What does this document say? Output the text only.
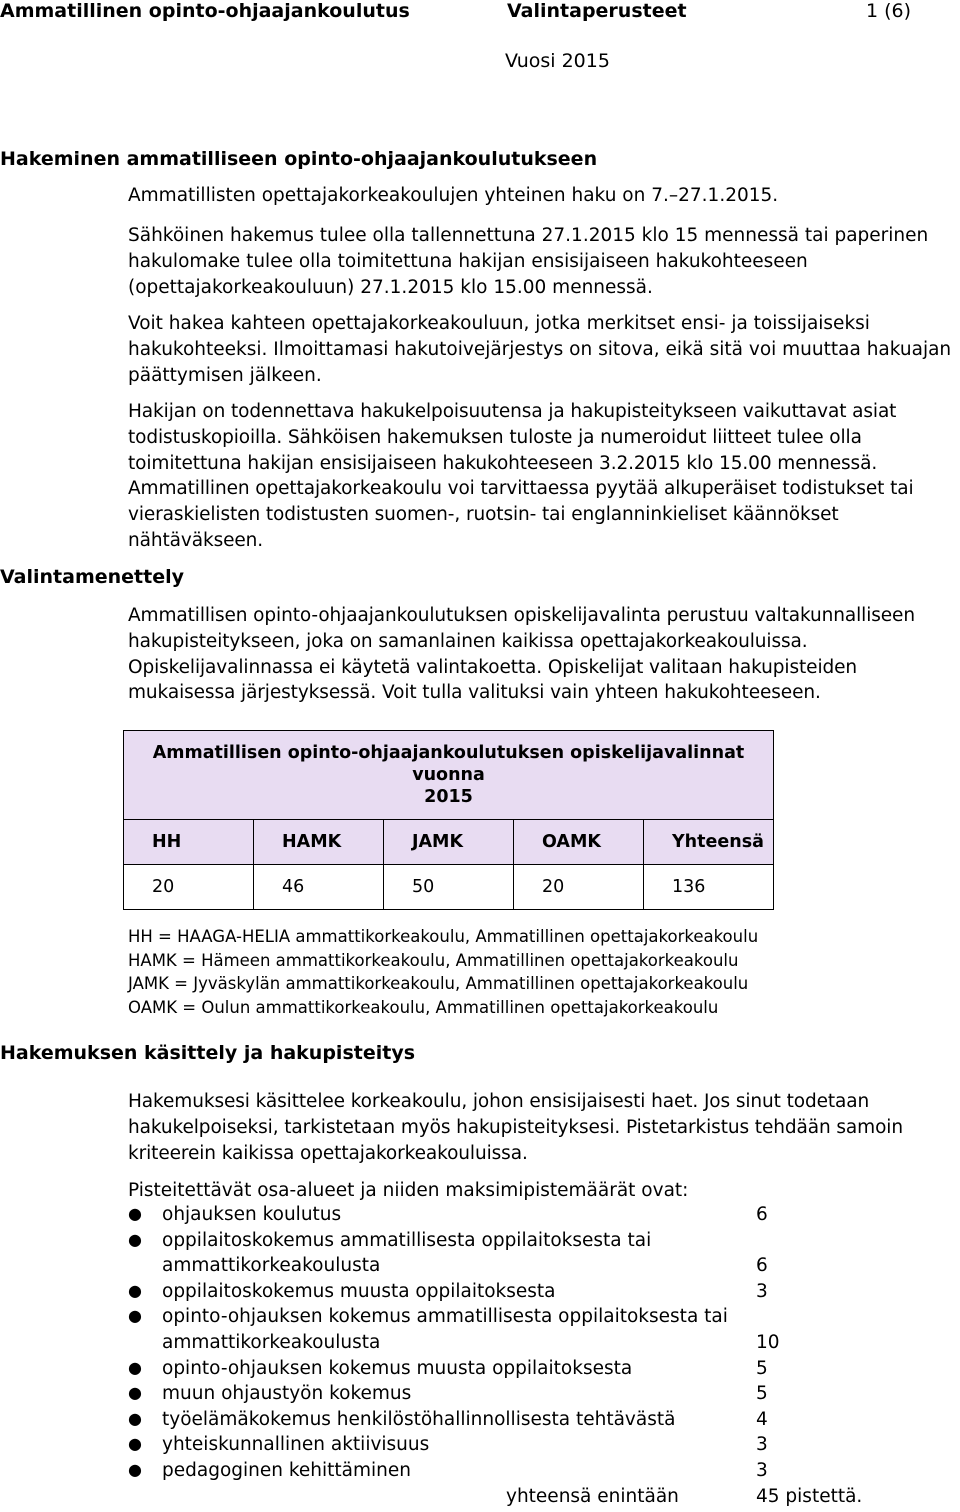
Ammatillinen opinto-ohjaajankoulutus	Valintaperusteet	1 (6)
Vuosi 2015
Hakeminen ammatilliseen opinto-ohjaajankoulutukseen
Ammatillisten opettajakorkeakoulujen yhteinen haku on 7.–27.1.2015.
Sähköinen hakemus tulee olla tallennettuna 27.1.2015 klo 15 mennessä tai paperinen
hakulomake tulee olla toimitettuna hakijan ensisijaiseen hakukohteeseen
(opettajakorkeakouluun) 27.1.2015 klo 15.00 mennessä.
Voit hakea kahteen opettajakorkeakouluun, jotka merkitset ensi- ja toissijaiseksi
hakukohteeksi. Ilmoittamasi hakutoivejärjestys on sitova, eikä sitä voi muuttaa hakuajan
päättymisen jälkeen.
Hakijan on todennettava hakukelpoisuutensa ja hakupisteitykseen vaikuttavat asiat
todistuskopioilla. Sähköisen hakemuksen tuloste ja numeroidut liitteet tulee olla
toimitettuna hakijan ensisijaiseen hakukohteeseen 3.2.2015 klo 15.00 mennessä.
Ammatillinen opettajakorkeakoulu voi tarvittaessa pyytää alkuperäiset todistukset tai
vieraskielisten todistusten suomen-, ruotsin- tai englanninkieliset käännökset
nähtäväkseen.
Valintamenettely
Ammatillisen opinto-ohjaajankoulutuksen opiskelijavalinta perustuu valtakunnalliseen
hakupisteitykseen, joka on samanlainen kaikissa opettajakorkeakouluissa.
Opiskelijavalinnassa ei käytetä valintakoetta. Opiskelijat valitaan hakupisteiden
mukaisessa järjestyksessä. Voit tulla valituksi vain yhteen hakukohteeseen.
Ammatillisen opinto-ohjaajankoulutuksen opiskelijavalinnat vuonna
2015				

HH	HAMK	JAMK	OAMK	Yhteensä
20	46	50	20	136
HH = HAAGA-HELIA ammattikorkeakoulu, Ammatillinen opettajakorkeakoulu
HAMK = Hämeen ammattikorkeakoulu, Ammatillinen opettajakorkeakoulu
JAMK = Jyväskylän ammattikorkeakoulu, Ammatillinen opettajakorkeakoulu
OAMK = Oulun ammattikorkeakoulu, Ammatillinen opettajakorkeakoulu
Hakemuksen käsittely ja hakupisteitys
Hakemuksesi käsittelee korkeakoulu, johon ensisijaisesti haet. Jos sinut todetaan
hakukelpoiseksi, tarkistetaan myös hakupisteityksesi. Pistetarkistus tehdään samoin
kriteerein kaikissa opettajakorkeakouluissa.
Pisteitettävät osa-alueet ja niiden maksimipistemäärät ovat:
● ohjauksen koulutus	6
● oppilaitoskokemus ammatillisesta oppilaitoksesta tai
ammattikorkeakoulusta	6
● oppilaitoskokemus muusta oppilaitoksesta	3
● opinto-ohjauksen kokemus ammatillisesta oppilaitoksesta tai
ammattikorkeakoulusta	10
● opinto-ohjauksen kokemus muusta oppilaitoksesta	5
● muun ohjaustyön kokemus	5
● työelämäkokemus henkilöstöhallinnollisesta tehtävästä	4
● yhteiskunnallinen aktiivisuus	3
● pedagoginen kehittäminen	3
yhteensä enintään	45 pistettä.
